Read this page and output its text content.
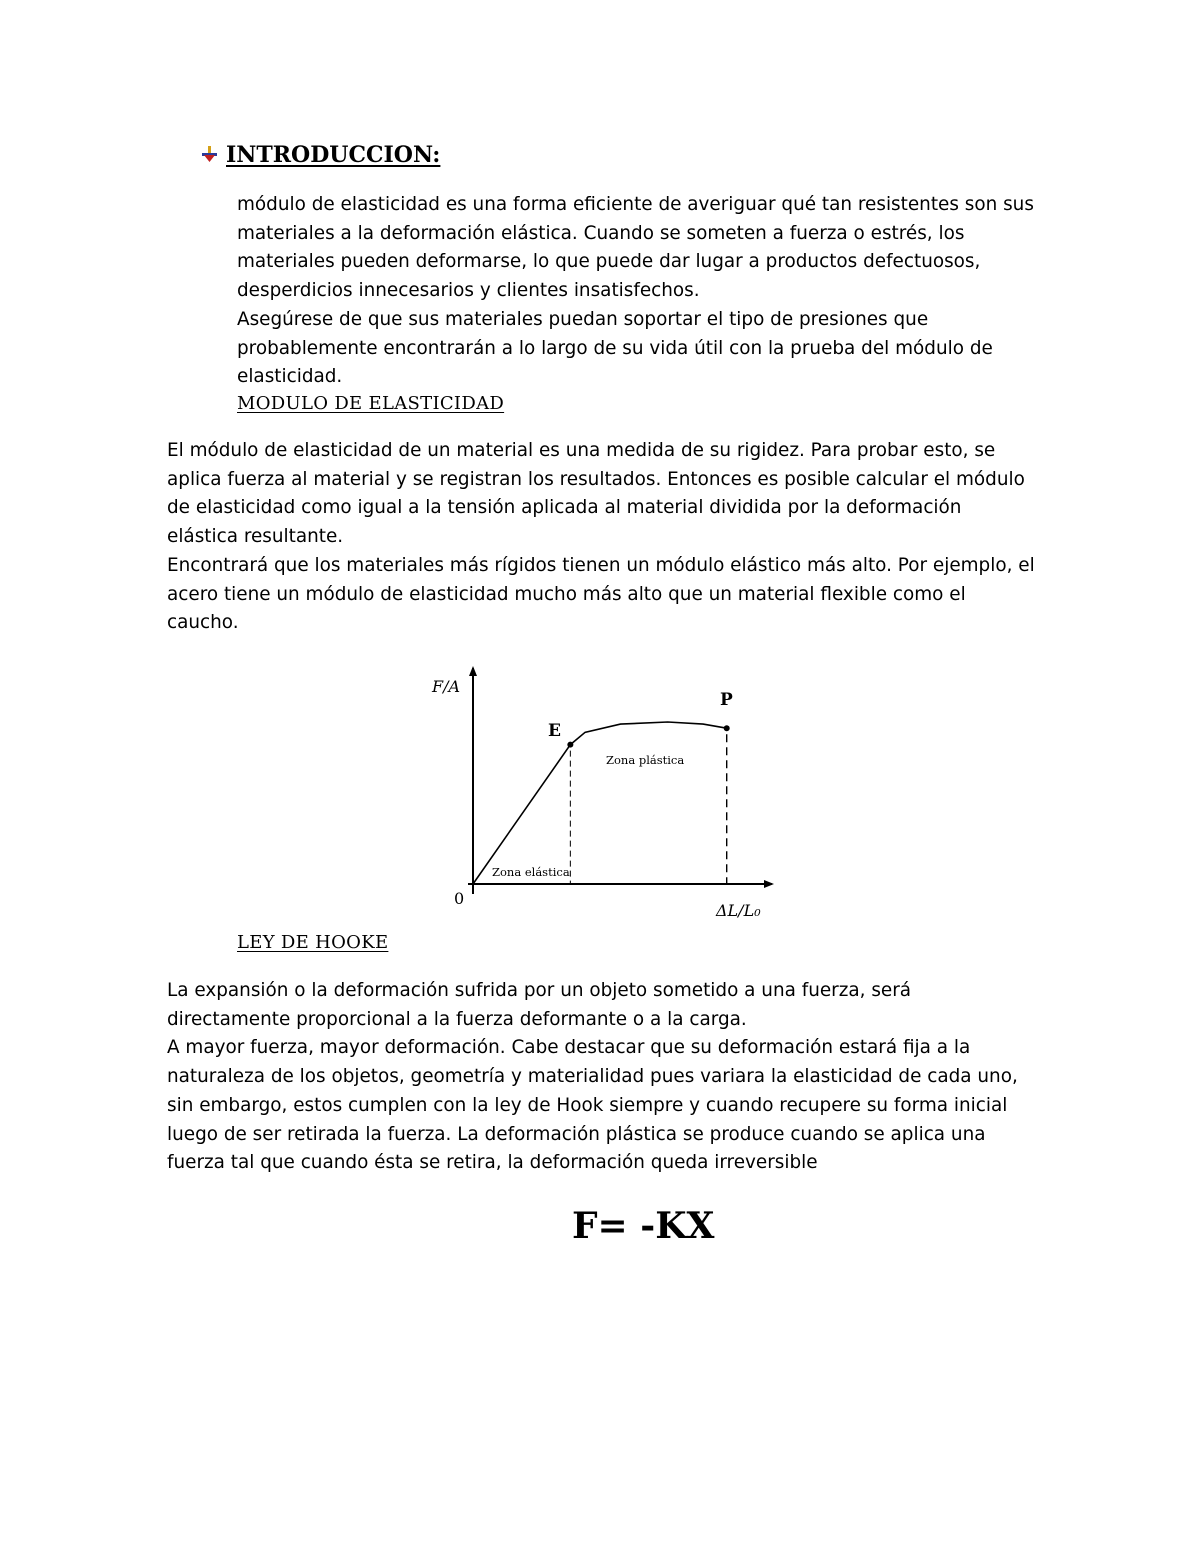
INTRODUCCION:

módulo de elasticidad es una forma eficiente de averiguar qué tan resistentes son sus materiales a la deformación elástica. Cuando se someten a fuerza o estrés, los materiales pueden deformarse, lo que puede dar lugar a productos defectuosos, desperdicios innecesarios y clientes insatisfechos.

Asegúrese de que sus materiales puedan soportar el tipo de presiones que probablemente encontrarán a lo largo de su vida útil con la prueba del módulo de elasticidad.

MODULO DE ELASTICIDAD

El módulo de elasticidad de un material es una medida de su rigidez. Para probar esto, se aplica fuerza al material y se registran los resultados. Entonces es posible calcular el módulo de elasticidad como igual a la tensión aplicada al material dividida por la deformación elástica resultante.

Encontrará que los materiales más rígidos tienen un módulo elástico más alto. Por ejemplo, el acero tiene un módulo de elasticidad mucho más alto que un material flexible como el caucho.

F/A
ΔL/L₀
0
E
P
Zona elástica
Zona plástica
LEY DE HOOKE

La expansión o la deformación sufrida por un objeto sometido a una fuerza, será directamente proporcional a la fuerza deformante o a la carga.

A mayor fuerza, mayor deformación. Cabe destacar que su deformación estará fija a la naturaleza de los objetos, geometría y materialidad pues variara la elasticidad de cada uno, sin embargo, estos cumplen con la ley de Hook siempre y cuando recupere su forma inicial luego de ser retirada la fuerza. La deformación plástica se produce cuando se aplica una fuerza tal que cuando ésta se retira, la deformación queda irreversible

F= -KX
